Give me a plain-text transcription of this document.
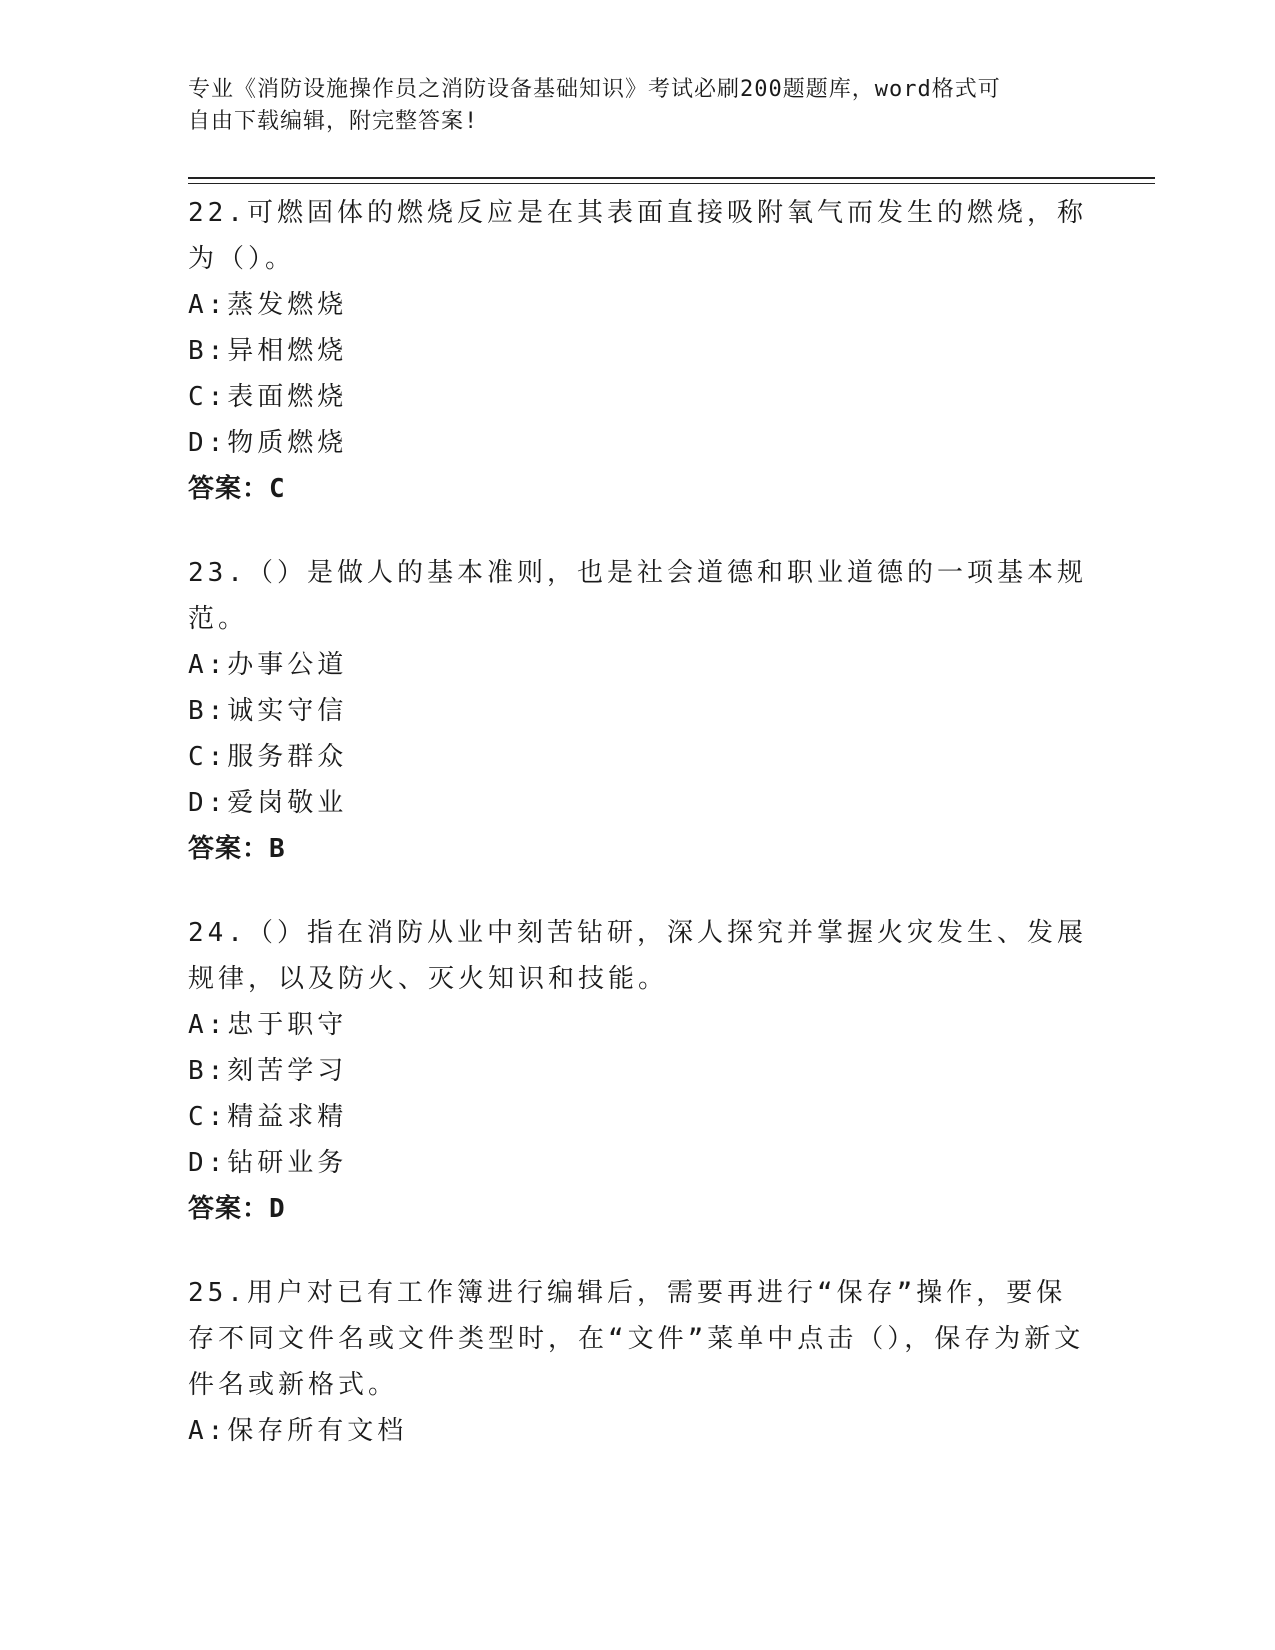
专业《消防设施操作员之消防设备基础知识》考试必刷200题题库，word格式可
自由下载编辑，附完整答案!
22.可燃固体的燃烧反应是在其表面直接吸附氧气而发生的燃烧，称为（）。
A:蒸发燃烧
B:异相燃烧
C:表面燃烧
D:物质燃烧
答案：C
23.（）是做人的基本准则，也是社会道德和职业道德的一项基本规范。
A:办事公道
B:诚实守信
C:服务群众
D:爱岗敬业
答案：B
24.（）指在消防从业中刻苦钻研，深人探究并掌握火灾发生、发展规律，以及防火、灭火知识和技能。
A:忠于职守
B:刻苦学习
C:精益求精
D:钻研业务
答案：D
25.用户对已有工作簿进行编辑后，需要再进行“保存”操作，要保存不同文件名或文件类型时，在“文件”菜单中点击（），保存为新文件名或新格式。
A:保存所有文档
